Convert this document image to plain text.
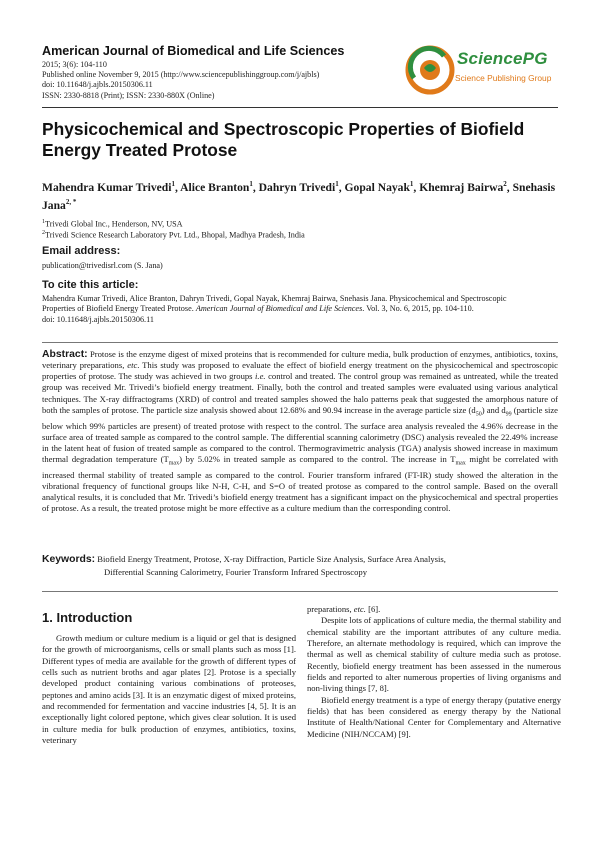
American Journal of Biomedical and Life Sciences
2015; 3(6): 104-110
Published online November 9, 2015 (http://www.sciencepublishinggroup.com/j/ajbls)
doi: 10.11648/j.ajbls.20150306.11
ISSN: 2330-8818 (Print); ISSN: 2330-880X (Online)
SciencePG
Science Publishing Group
Physicochemical and Spectroscopic Properties of Biofield Energy Treated Protose
Mahendra Kumar Trivedi$^1$, Alice Branton$^1$, Dahryn Trivedi$^1$, Gopal Nayak$^1$, Khemraj Bairwa$^2$, Snehasis Jana$^{2, *}$
$^1$Trivedi Global Inc., Henderson, NV, USA
$^2$Trivedi Science Research Laboratory Pvt. Ltd., Bhopal, Madhya Pradesh, India
Email address:
publication@trivedisrl.com (S. Jana)
To cite this article:
Mahendra Kumar Trivedi, Alice Branton, Dahryn Trivedi, Gopal Nayak, Khemraj Bairwa, Snehasis Jana. Physicochemical and Spectroscopic
Properties of Biofield Energy Treated Protose. American Journal of Biomedical and Life Sciences. Vol. 3, No. 6, 2015, pp. 104-110.
doi: 10.11648/j.ajbls.20150306.11
Abstract: Protose is the enzyme digest of mixed proteins that is recommended for culture media, bulk production of enzymes, antibiotics, toxins, veterinary preparations, etc. This study was proposed to evaluate the effect of biofield energy treatment on the physicochemical and spectroscopic properties of protose. The study was achieved in two groups i.e. control and treated. The control group was remained as untreated, while the treated group was received Mr. Trivedi’s biofield energy treatment. Finally, both the control and treated samples were evaluated using various analytical techniques. The X-ray diffractograms (XRD) of control and treated samples showed the halo patterns peak that suggested the amorphous nature of both the samples of protose. The particle size analysis showed about 12.68% and 90.94 increase in the average particle size $(d_{50})$ and $d_{99}$ (particle size below which 99% particles are present) of treated protose with respect to the control. The surface area analysis revealed the 4.96% decrease in the surface area of treated sample as compared to the control sample. The differential scanning calorimetry (DSC) analysis revealed the 22.49% increase in the latent heat of fusion of treated sample as compared to the control. Thermogravimetric analysis (TGA) analysis showed increase in maximum thermal degradation temperature $(T_{max})$ by 5.02% in treated sample as compared to the control. The increase in $T_{max}$ might be correlated with increased thermal stability of treated sample as compared to the control. Fourier transform infrared (FT-IR) study showed the alteration in the vibrational frequency of functional groups like N-H, C-H, and S=O of treated protose as compared to the control sample. Based on the overall analytical results, it is concluded that Mr. Trivedi’s biofield energy treatment has a significant impact on the physicochemical and spectral properties of protose. As a result, the treated protose might be more effective as a culture medium than the corresponding control.
Keywords: Biofield Energy Treatment, Protose, X-ray Diffraction, Particle Size Analysis, Surface Area Analysis,
Differential Scanning Calorimetry, Fourier Transform Infrared Spectroscopy
1. Introduction

Growth medium or culture medium is a liquid or gel that is designed for the growth of microorganisms, cells or small plants such as moss [1]. Different types of media are available for the growth of different types of cells such as nutrient broths and agar plates [2]. Protose is a specially developed product containing various combinations of proteoses, peptones and amino acids [3]. It is an enzymatic digest of mixed proteins, and recommended for fermentation and vaccine industries [4, 5]. It is an exceptionally light colored peptone, which gives clear solution. It is used in culture media for bulk production of enzymes, antibiotics, toxins, veterinary

preparations, etc. [6].

Despite lots of applications of culture media, the thermal stability and chemical stability are the important attributes of any culture media. Therefore, an alternate methodology is required, which can improve the thermal as well as chemical stability of culture media such as protose. Recently, biofield energy treatment has been assessed in the numerous fields and reported to alter numerous properties of living organisms and non-living things [7, 8].

Biofield energy treatment is a type of energy therapy (putative energy fields) that has been considered as energy therapy by the National Institute of Health/National Center for Complementary and Alternative Medicine (NIH/NCCAM) [9].
